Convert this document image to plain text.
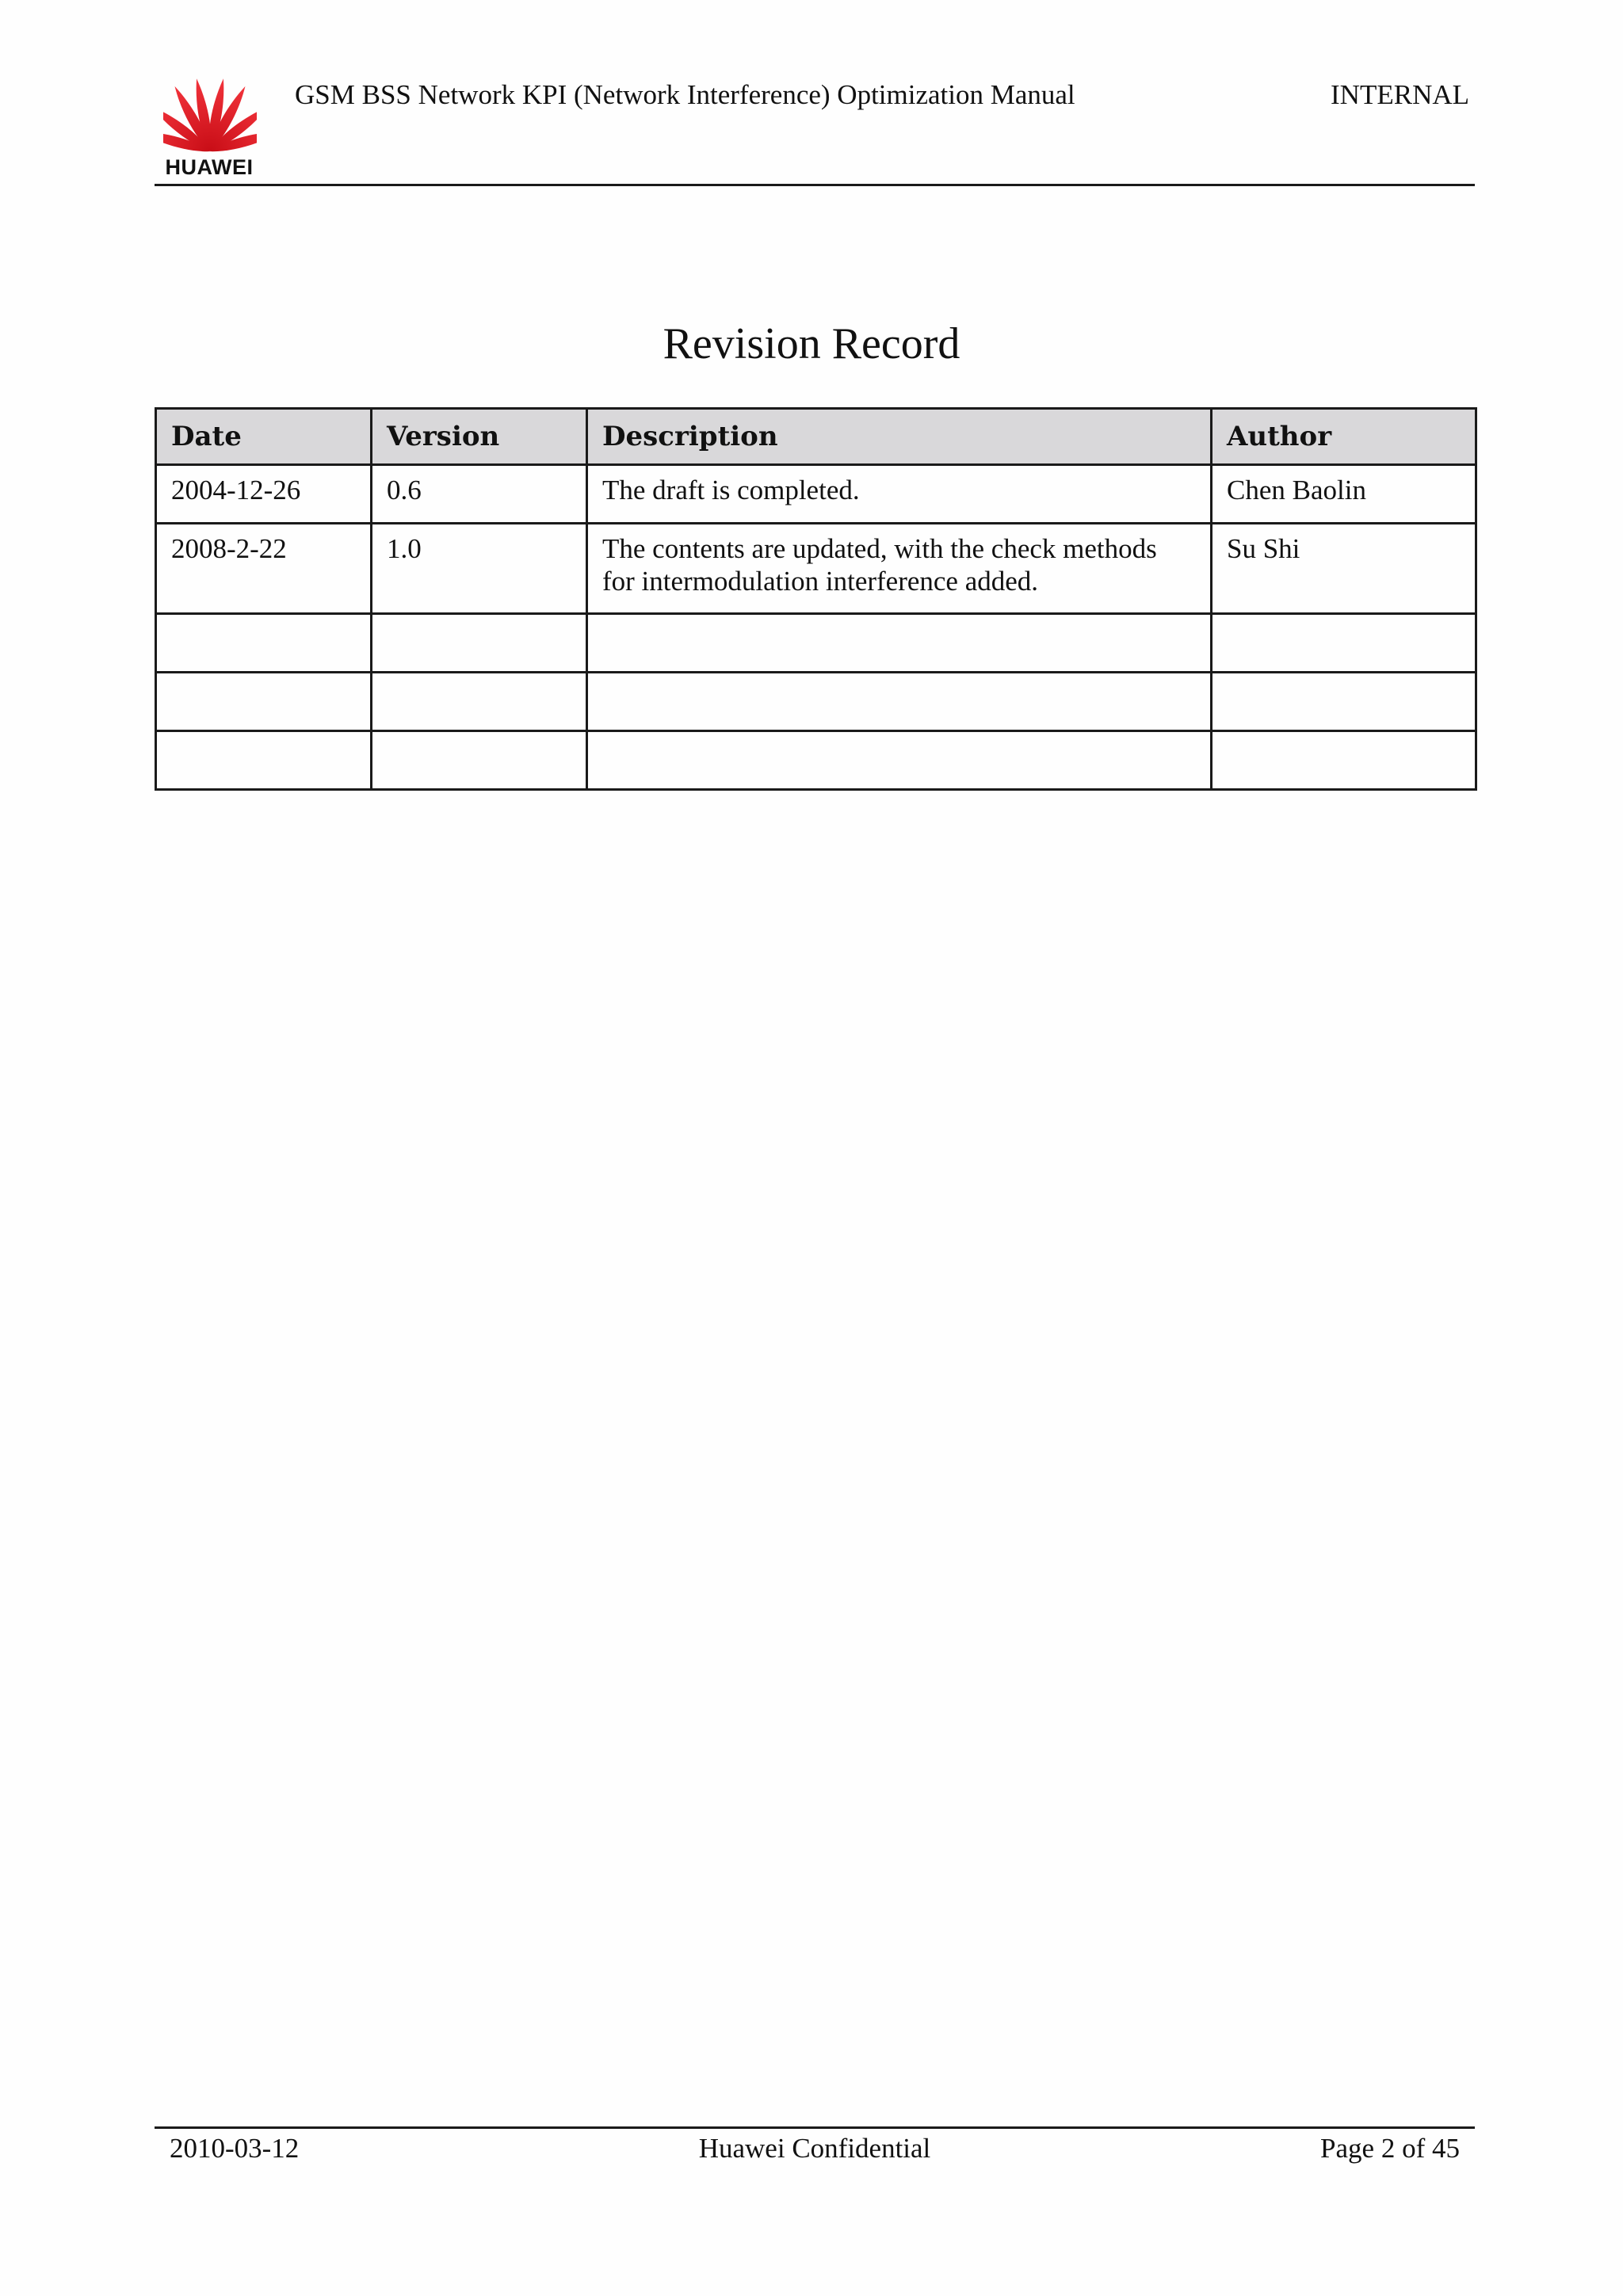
HUAWEI
GSM BSS Network KPI (Network Interference) Optimization Manual	INTERNAL
Revision Record
Date	Version	Description	Author
2004-12-26	0.6	The draft is completed.	Chen Baolin
2008-2-22	1.0	The contents are updated, with the check methods for intermodulation interference added.	Su Shi

2010-03-12	Huawei Confidential	Page 2 of 45
